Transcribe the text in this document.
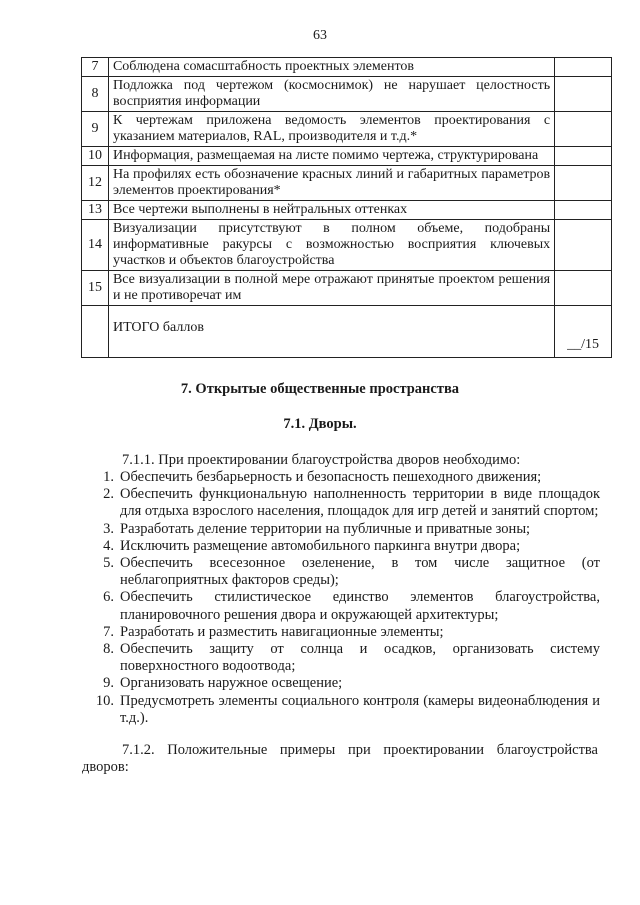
63
7	Соблюдена сомасштабность проектных элементов	
8	Подложка под чертежом (космоснимок) не нарушает целостность восприятия информации	
9	К чертежам приложена ведомость элементов проектирования с указанием материалов, RAL, производителя и т.д.*	
10	Информация, размещаемая на листе помимо чертежа, структурирована	
12	На профилях есть обозначение красных линий и габаритных параметров элементов проектирования*	
13	Все чертежи выполнены в нейтральных оттенках	
14	Визуализации присутствуют в полном объеме, подобраны информативные ракурсы с возможностью восприятия ключевых участков и объектов благоустройства	
15	Все визуализации в полной мере отражают принятые проектом решения и не противоречат им	
	ИТОГО баллов	__/15
7. Открытые общественные пространства
7.1. Дворы.
7.1.1. При проектировании благоустройства дворов необходимо:
1. Обеспечить безбарьерность и безопасность пешеходного движения;
2. Обеспечить функциональную наполненность территории в виде площадок для отдыха взрослого населения, площадок для игр детей и занятий спортом;
3. Разработать деление территории на публичные и приватные зоны;
4. Исключить размещение автомобильного паркинга внутри двора;
5. Обеспечить всесезонное озеленение, в том числе защитное (от неблагоприятных факторов среды);
6. Обеспечить стилистическое единство элементов благоустройства, планировочного решения двора и окружающей архитектуры;
7. Разработать и разместить навигационные элементы;
8. Обеспечить защиту от солнца и осадков, организовать систему поверхностного водоотвода;
9. Организовать наружное освещение;
10. Предусмотреть элементы социального контроля (камеры видеонаблюдения и т.д.).
7.1.2. Положительные примеры при проектировании благоустройства дворов:
